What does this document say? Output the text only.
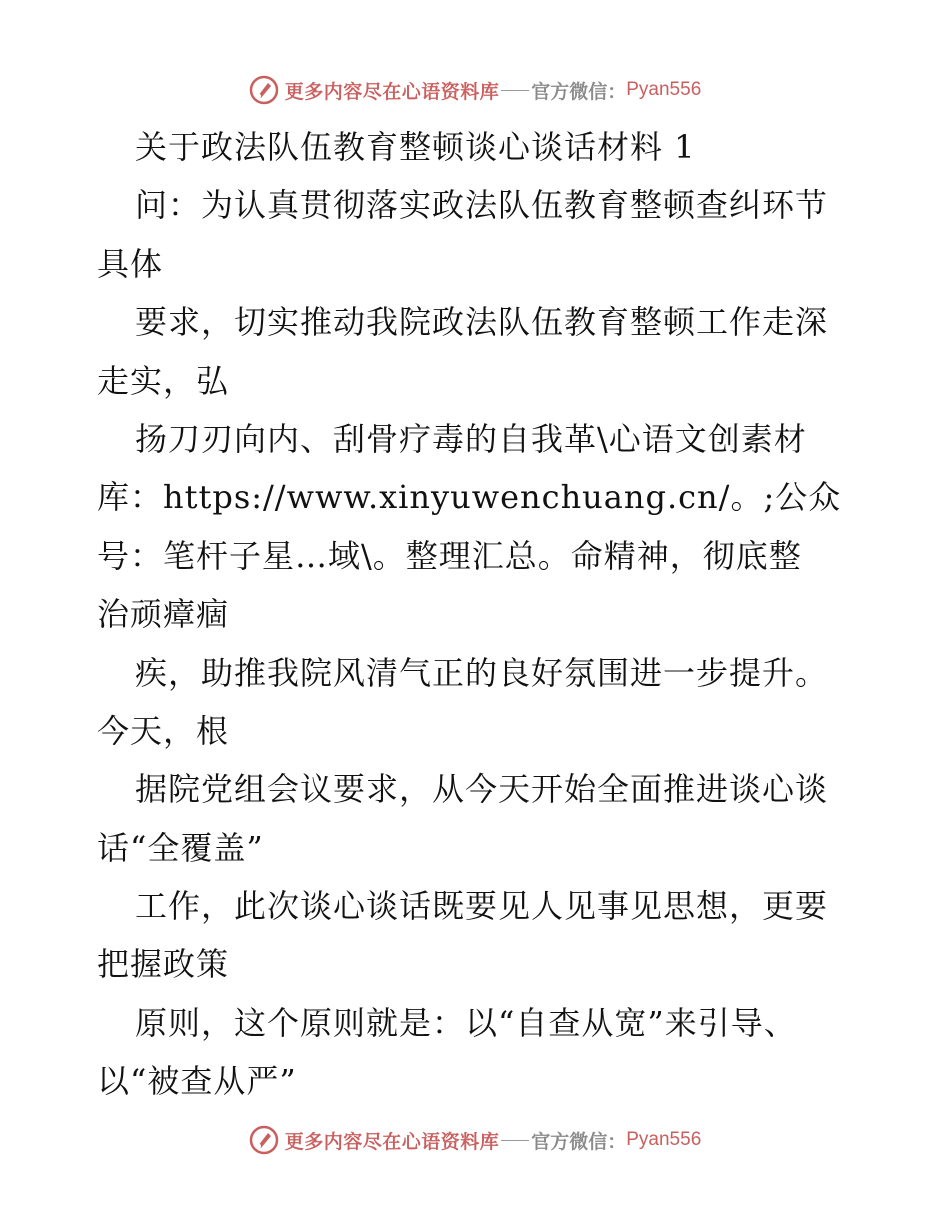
更多内容尽在心语资料库 官方微信： Pyan556
关于政法队伍教育整顿谈心谈话材料 1
问：为认真贯彻落实政法队伍教育整顿查纠环节
具体
要求，切实推动我院政法队伍教育整顿工作走深
走实，弘
扬刀刃向内、刮骨疗毒的自我革\心语文创素材
库：https://www.xinyuwenchuang.cn/。;公众
号：笔杆子星…域\。整理汇总。命精神，彻底整
治顽瘴痼
疾，助推我院风清气正的良好氛围进一步提升。
今天，根
据院党组会议要求，从今天开始全面推进谈心谈
话“全覆盖”
工作，此次谈心谈话既要见人见事见思想，更要
把握政策
原则，这个原则就是：以“自查从宽”来引导、
以“被查从严”
更多内容尽在心语资料库 官方微信： Pyan556
